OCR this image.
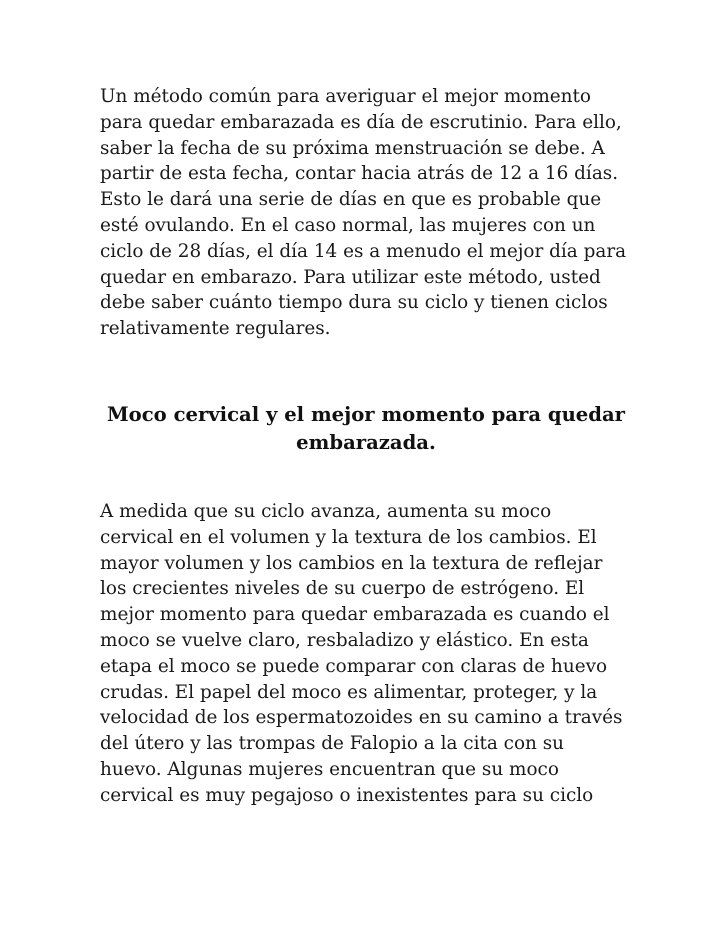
Un método común para averiguar el mejor momento
para quedar embarazada es día de escrutinio. Para ello,
saber la fecha de su próxima menstruación se debe. A
partir de esta fecha, contar hacia atrás de 12 a 16 días.
Esto le dará una serie de días en que es probable que
esté ovulando. En el caso normal, las mujeres con un
ciclo de 28 días, el día 14 es a menudo el mejor día para
quedar en embarazo. Para utilizar este método, usted
debe saber cuánto tiempo dura su ciclo y tienen ciclos
relativamente regulares.

Moco cervical y el mejor momento para quedar
embarazada.

A medida que su ciclo avanza, aumenta su moco
cervical en el volumen y la textura de los cambios. El
mayor volumen y los cambios en la textura de reflejar
los crecientes niveles de su cuerpo de estrógeno. El
mejor momento para quedar embarazada es cuando el
moco se vuelve claro, resbaladizo y elástico. En esta
etapa el moco se puede comparar con claras de huevo
crudas. El papel del moco es alimentar, proteger, y la
velocidad de los espermatozoides en su camino a través
del útero y las trompas de Falopio a la cita con su
huevo. Algunas mujeres encuentran que su moco
cervical es muy pegajoso o inexistentes para su ciclo
